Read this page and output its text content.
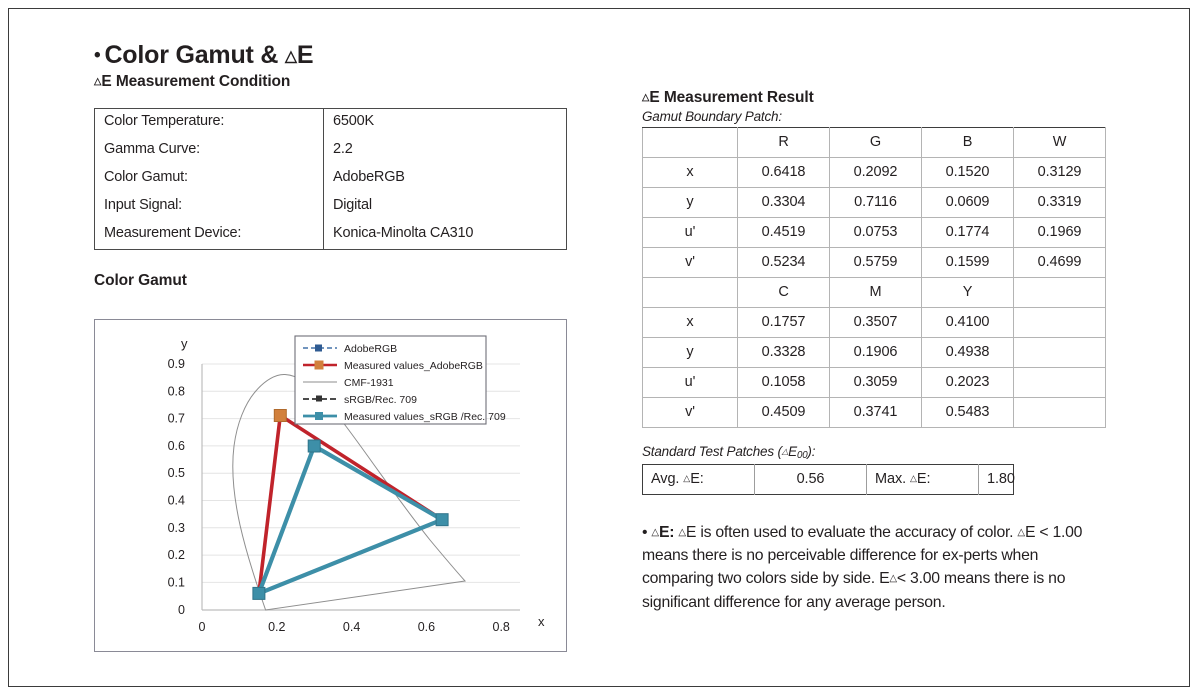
• Color Gamut & △E
△E Measurement Condition
Color Temperature:	6500K
Gamma Curve:	2.2
Color Gamut:	AdobeRGB
Input Signal:	Digital
Measurement Device:	Konica-Minolta CA310
Color Gamut
0.9
0.8
0.7
0.6
0.5
0.4
0.3
0.2
0.1
0
0	0.2	0.4	0.6	0.8
y
x
AdobeRGB
Measured values_AdobeRGB
CMF-1931
sRGB/Rec. 709
Measured values_sRGB /Rec. 709
△E Measurement Result
Gamut Boundary Patch:
	R	G	B	W
x	0.6418	0.2092	0.1520	0.3129
y	0.3304	0.7116	0.0609	0.3319
u'	0.4519	0.0753	0.1774	0.1969
v'	0.5234	0.5759	0.1599	0.4699
	C	M	Y	
x	0.1757	0.3507	0.4100	
y	0.3328	0.1906	0.4938	
u'	0.1058	0.3059	0.2023	
v'	0.4509	0.3741	0.5483	
Standard Test Patches $(\triangle E_{00})$:
Avg. △E:	0.56	Max. △E:	1.80
• △E: △E is often used to evaluate the accuracy of color. △E < 1.00 means there is no perceivable difference for ex-perts when comparing two colors side by side. E△< 3.00 means there is no significant difference for any average person.
